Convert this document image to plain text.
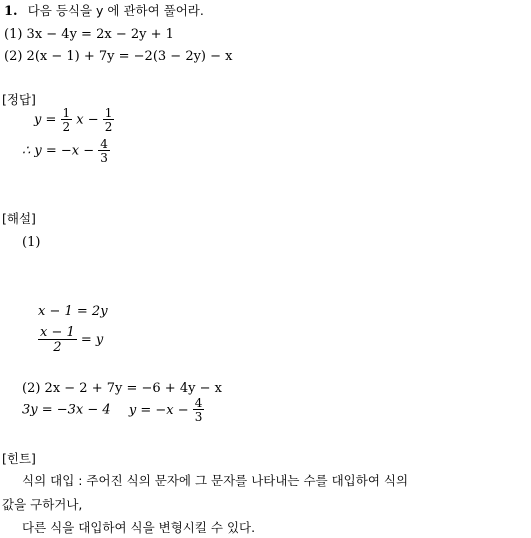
1. 다음 등식을 y 에 관하여 풀어라.
(1) 3x − 4y = 2x − 2y + 1
(2) 2(x − 1) + 7y = −2(3 − 2y) − x
[정답]
$y = \frac{1}{2}$ $x - \frac{1}{2}$
∴ $y = -x - \frac{4}{3}$
[해설]
(1)
x − 1 = 2y
$\frac{x - 1}{2} = y$
(2) 2x − 2 + 7y = −6 + 4y − x
3y = −3x − 4 $y = -x - \frac{4}{3}$
[힌트]
식의 대입 : 주어진 식의 문자에 그 문자를 나타내는 수를 대입하여 식의
값을 구하거나,
다른 식을 대입하여 식을 변형시킬 수 있다.
